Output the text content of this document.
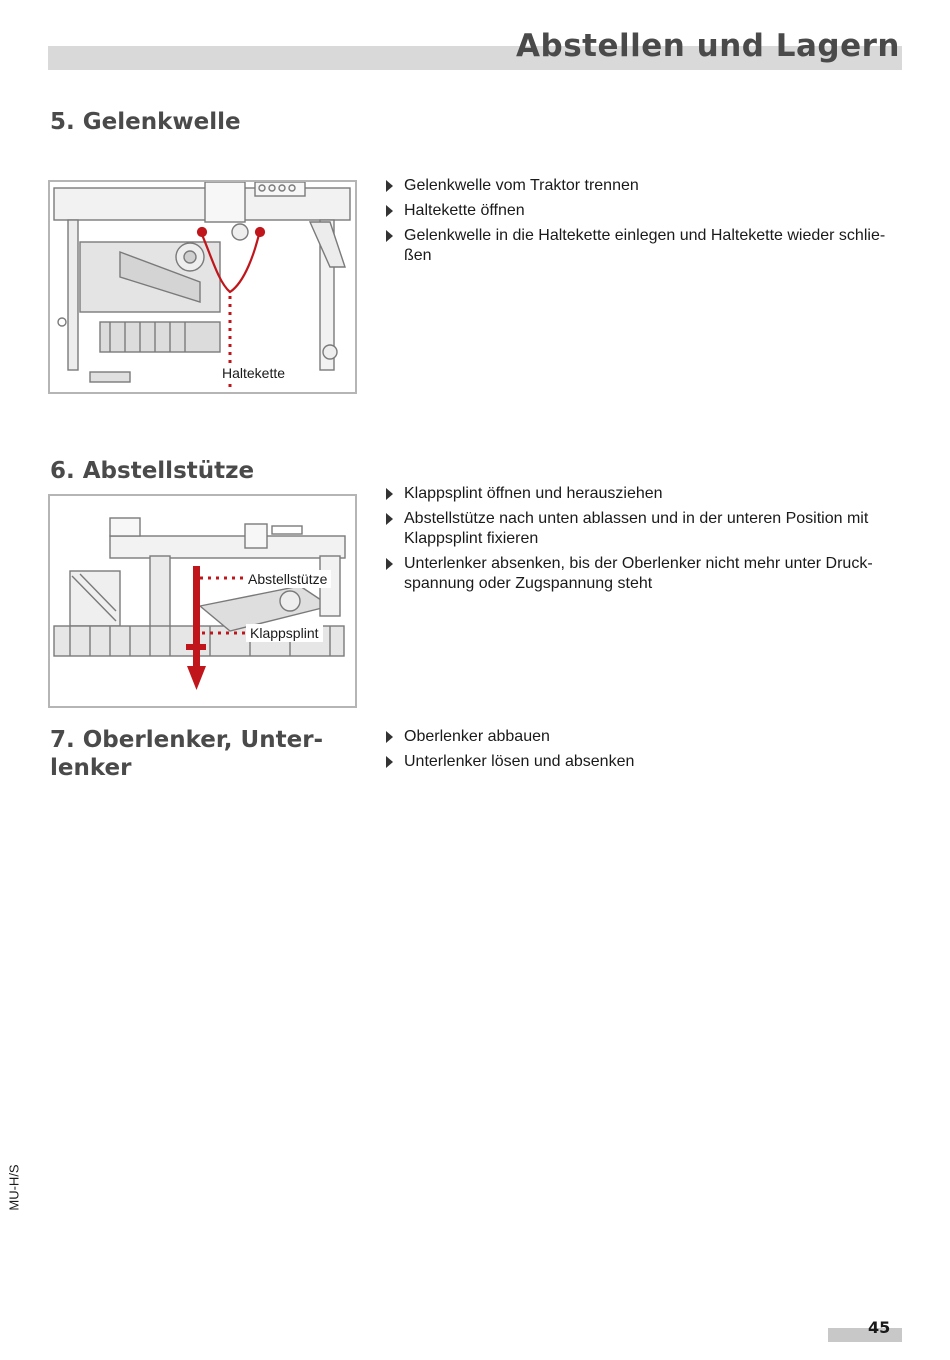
Abstellen und Lagern
5. Gelenkwelle
Haltekette
Gelenkwelle vom Traktor trennen
Haltekette öffnen
Gelenkwelle in die Haltekette einlegen und Haltekette wieder schlie-ßen
6. Abstellstütze
Abstellstütze
Klappsplint
Klappsplint öffnen und herausziehen
Abstellstütze nach unten ablassen und in der unteren Position mit Klappsplint fixieren
Unterlenker absenken, bis der Oberlenker nicht mehr unter Druck-spannung oder Zugspannung steht
7. Oberlenker, Unter-
lenker
Oberlenker abbauen
Unterlenker lösen und absenken
MU-H/S
45
